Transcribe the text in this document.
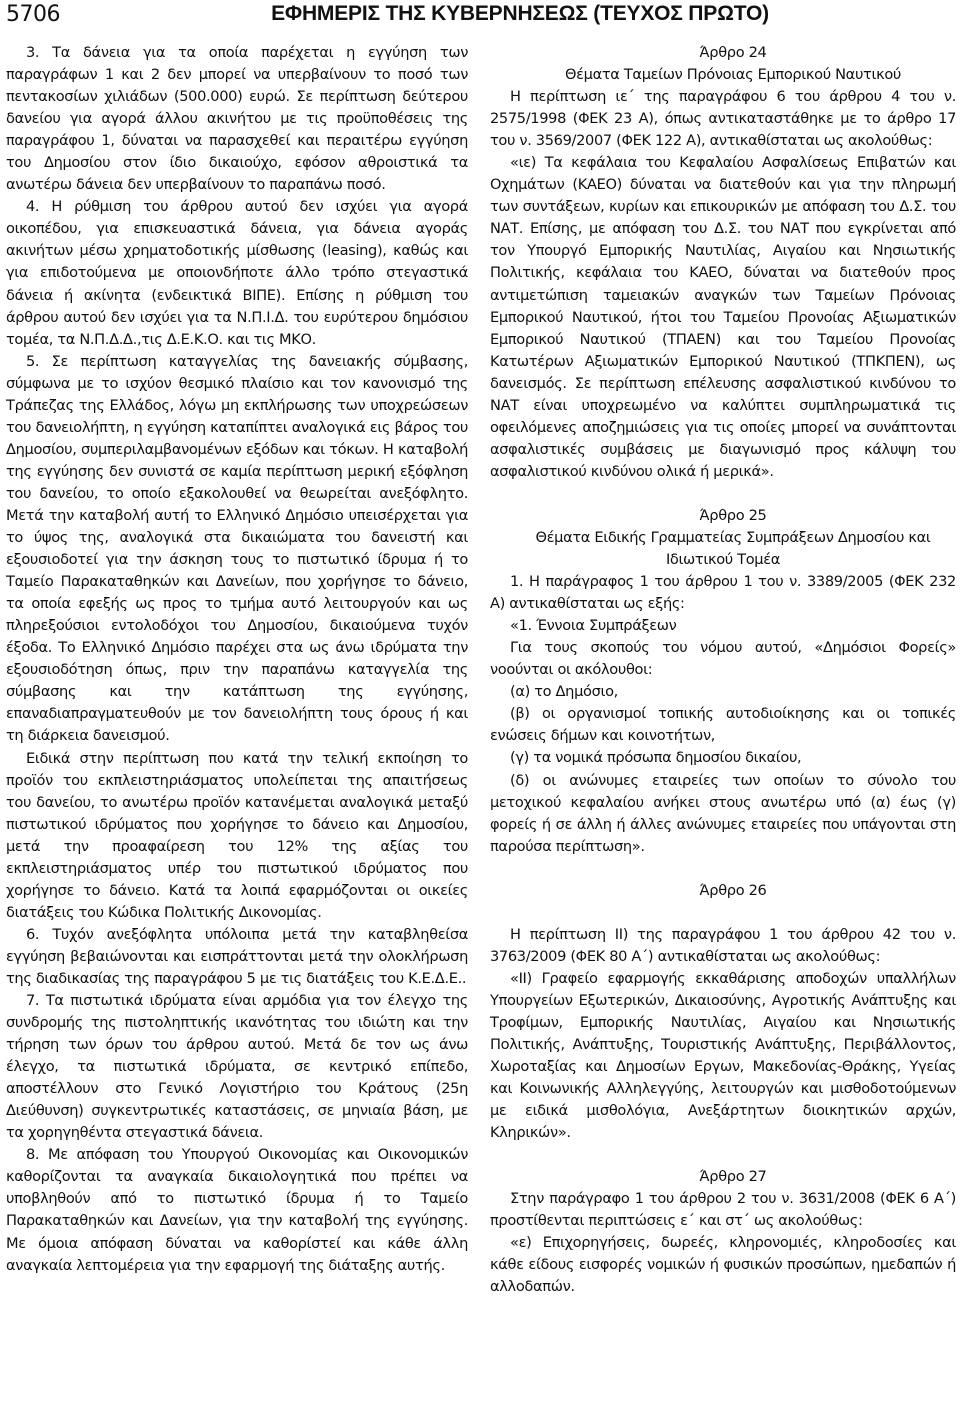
5706	ΕΦΗΜΕΡΙΣ ΤΗΣ ΚΥΒΕΡΝΗΣΕΩΣ (ΤΕΥΧΟΣ ΠΡΩΤΟ)

3. Τα δάνεια για τα οποία παρέχεται η εγγύηση των παραγράφων 1 και 2 δεν μπορεί να υπερβαίνουν το ποσό των πεντακοσίων χιλιάδων (500.000) ευρώ. Σε περίπτωση δεύτερου δανείου για αγορά άλλου ακινήτου με τις προϋποθέσεις της παραγράφου 1, δύναται να παρασχεθεί και περαιτέρω εγγύηση του Δημοσίου στον ίδιο δικαιούχο, εφόσον αθροιστικά τα ανωτέρω δάνεια δεν υπερβαίνουν το παραπάνω ποσό.

4. Η ρύθμιση του άρθρου αυτού δεν ισχύει για αγορά οικοπέδου, για επισκευαστικά δάνεια, για δάνεια αγοράς ακινήτων μέσω χρηματοδοτικής μίσθωσης (leasing), καθώς και για επιδοτούμενα με οποιονδήποτε άλλο τρόπο στεγαστικά δάνεια ή ακίνητα (ενδεικτικά ΒΙΠΕ). Επίσης η ρύθμιση του άρθρου αυτού δεν ισχύει για τα Ν.Π.Ι.Δ. του ευρύτερου δημόσιου τομέα, τα Ν.Π.Δ.Δ.,τις Δ.Ε.Κ.Ο. και τις ΜΚΟ.

5. Σε περίπτωση καταγγελίας της δανειακής σύμβασης, σύμφωνα με το ισχύον θεσμικό πλαίσιο και τον κανονισμό της Τράπεζας της Ελλάδος, λόγω μη εκπλήρωσης των υποχρεώσεων του δανειολήπτη, η εγγύηση καταπίπτει αναλογικά εις βάρος του Δημοσίου, συμπεριλαμβανομένων εξόδων και τόκων. Η καταβολή της εγγύησης δεν συνιστά σε καμία περίπτωση μερική εξόφληση του δανείου, το οποίο εξακολουθεί να θεωρείται ανεξόφλητο. Μετά την καταβολή αυτή το Ελληνικό Δημόσιο υπεισέρχεται για το ύψος της, αναλογικά στα δικαιώματα του δανειστή και εξουσιοδοτεί για την άσκηση τους το πιστωτικό ίδρυμα ή το Ταμείο Παρακαταθηκών και Δανείων, που χορήγησε το δάνειο, τα οποία εφεξής ως προς το τμήμα αυτό λειτουργούν και ως πληρεξούσιοι εντολοδόχοι του Δημοσίου, δικαιούμενα τυχόν έξοδα. Το Ελληνικό Δημόσιο παρέχει στα ως άνω ιδρύματα την εξουσιοδότηση όπως, πριν την παραπάνω καταγγελία της σύμβασης και την κατάπτωση της εγγύησης, επαναδιαπραγματευθούν με τον δανειολήπτη τους όρους ή και τη διάρκεια δανεισμού.

Ειδικά στην περίπτωση που κατά την τελική εκποίηση το προϊόν του εκπλειστηριάσματος υπολείπεται της απαιτήσεως του δανείου, το ανωτέρω προϊόν κατανέμεται αναλογικά μεταξύ πιστωτικού ιδρύματος που χορήγησε το δάνειο και Δημοσίου, μετά την προαφαίρεση του 12% της αξίας του εκπλειστηριάσματος υπέρ του πιστωτικού ιδρύματος που χορήγησε το δάνειο. Κατά τα λοιπά εφαρμόζονται οι οικείες διατάξεις του Κώδικα Πολιτικής Δικονομίας.

6. Τυχόν ανεξόφλητα υπόλοιπα μετά την καταβληθείσα εγγύηση βεβαιώνονται και εισπράττονται μετά την ολοκλήρωση της διαδικασίας της παραγράφου 5 με τις διατάξεις του Κ.Ε.Δ.Ε..

7. Τα πιστωτικά ιδρύματα είναι αρμόδια για τον έλεγχο της συνδρομής της πιστοληπτικής ικανότητας του ιδιώτη και την τήρηση των όρων του άρθρου αυτού. Μετά δε τον ως άνω έλεγχο, τα πιστωτικά ιδρύματα, σε κεντρικό επίπεδο, αποστέλλουν στο Γενικό Λογιστήριο του Κράτους (25η Διεύθυνση) συγκεντρωτικές καταστάσεις, σε μηνιαία βάση, με τα χορηγηθέντα στεγαστικά δάνεια.

8. Με απόφαση του Υπουργού Οικονομίας και Οικονομικών καθορίζονται τα αναγκαία δικαιολογητικά που πρέπει να υποβληθούν από το πιστωτικό ίδρυμα ή το Ταμείο Παρακαταθηκών και Δανείων, για την καταβολή της εγγύησης. Με όμοια απόφαση δύναται να καθορίστεί και κάθε άλλη αναγκαία λεπτομέρεια για την εφαρμογή της διάταξης αυτής.

Άρθρο 24

Θέματα Ταμείων Πρόνοιας Εμπορικού Ναυτικού

Η περίπτωση ιε΄ της παραγράφου 6 του άρθρου 4 του ν. 2575/1998 (ΦΕΚ 23 Α), όπως αντικαταστάθηκε με το άρθρο 17 του ν. 3569/2007 (ΦΕΚ 122 Α), αντικαθίσταται ως ακολούθως:

«ιε) Τα κεφάλαια του Κεφαλαίου Ασφαλίσεως Επιβατών και Οχημάτων (ΚΑΕΟ) δύναται να διατεθούν και για την πληρωμή των συντάξεων, κυρίων και επικουρικών με απόφαση του Δ.Σ. του ΝΑΤ. Επίσης, με απόφαση του Δ.Σ. του ΝΑΤ που εγκρίνεται από τον Υπουργό Εμπορικής Ναυτιλίας, Αιγαίου και Νησιωτικής Πολιτικής, κεφάλαια του ΚΑΕΟ, δύναται να διατεθούν προς αντιμετώπιση ταμειακών αναγκών των Ταμείων Πρόνοιας Εμπορικού Ναυτικού, ήτοι του Ταμείου Προνοίας Αξιωματικών Εμπορικού Ναυτικού (ΤΠΑΕΝ) και του Ταμείου Προνοίας Κατωτέρων Αξιωματικών Εμπορικού Ναυτικού (ΤΠΚΠΕΝ), ως δανεισμός. Σε περίπτωση επέλευσης ασφαλιστικού κινδύνου το ΝΑΤ είναι υποχρεωμένο να καλύπτει συμπληρωματικά τις οφειλόμενες αποζημιώσεις για τις οποίες μπορεί να συνάπτονται ασφαλιστικές συμβάσεις με διαγωνισμό προς κάλυψη του ασφαλιστικού κινδύνου ολικά ή μερικά».

Άρθρο 25

Θέματα Ειδικής Γραμματείας Συμπράξεων Δημοσίου και Ιδιωτικού Τομέα

1. Η παράγραφος 1 του άρθρου 1 του ν. 3389/2005 (ΦΕΚ 232 Α) αντικαθίσταται ως εξής:

«1. Έννοια Συμπράξεων

Για τους σκοπούς του νόμου αυτού, «Δημόσιοι Φορείς» νοούνται οι ακόλουθοι:

(α) το Δημόσιο,

(β) οι οργανισμοί τοπικής αυτοδιοίκησης και οι τοπικές ενώσεις δήμων και κοινοτήτων,

(γ) τα νομικά πρόσωπα δημοσίου δικαίου,

(δ) οι ανώνυμες εταιρείες των οποίων το σύνολο του μετοχικού κεφαλαίου ανήκει στους ανωτέρω υπό (α) έως (γ) φορείς ή σε άλλη ή άλλες ανώνυμες εταιρείες που υπάγονται στη παρούσα περίπτωση».

Άρθρο 26

Η περίπτωση ΙΙ) της παραγράφου 1 του άρθρου 42 του ν. 3763/2009 (ΦΕΚ 80 Α΄) αντικαθίσταται ως ακολούθως:

«ΙΙ) Γραφείο εφαρμογής εκκαθάρισης απoδοχών υπαλλήλων Υπουργείων Εξωτερικών, Δικαιοσύνης, Αγροτικής Ανάπτυξης και Τροφίμων, Εμπορικής Ναυτιλίας, Αιγαίου και Νησιωτικής Πολιτικής, Ανάπτυξης, Τουριστικής Ανάπτυξης, Περιβάλλοντος, Χωροταξίας και Δημοσίων Εργων, Μακεδονίας-Θράκης, Υγείας και Κοινωνικής Αλληλεγγύης, λειτουργών και μισθοδοτούμενων με ειδικά μισθολόγια, Ανεξάρτητων διοικητικών αρχών, Κληρικών».

Άρθρο 27

Στην παράγραφο 1 του άρθρου 2 του ν. 3631/2008 (ΦΕΚ 6 Α΄) προστίθενται περιπτώσεις ε΄ και στ΄ ως ακολούθως:

«ε) Επιχορηγήσεις, δωρεές, κληρονομιές, κληροδοσίες και κάθε είδους εισφορές νομικών ή φυσικών προσώπων, ημεδαπών ή αλλοδαπών.
